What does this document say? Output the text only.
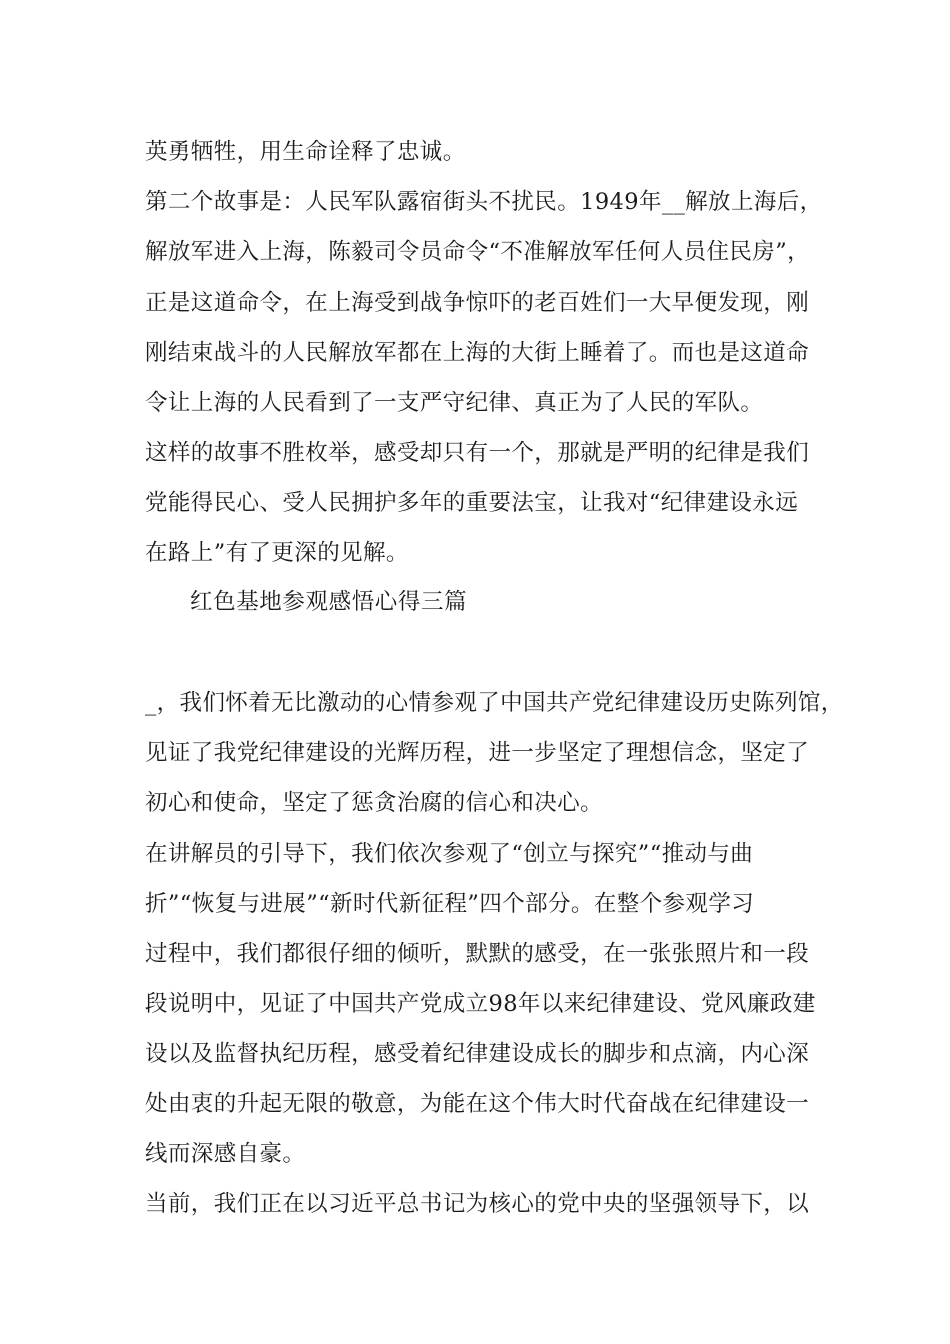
英勇牺牲，用生命诠释了忠诚。
第二个故事是：人民军队露宿街头不扰民。1949年__解放上海后，
解放军进入上海，陈毅司令员命令“不准解放军任何人员住民房”，
正是这道命令，在上海受到战争惊吓的老百姓们一大早便发现，刚
刚结束战斗的人民解放军都在上海的大街上睡着了。而也是这道命
令让上海的人民看到了一支严守纪律、真正为了人民的军队。
这样的故事不胜枚举，感受却只有一个，那就是严明的纪律是我们
党能得民心、受人民拥护多年的重要法宝，让我对“纪律建设永远
在路上”有了更深的见解。
红色基地参观感悟心得三篇
_，我们怀着无比激动的心情参观了中国共产党纪律建设历史陈列馆，
见证了我党纪律建设的光辉历程，进一步坚定了理想信念，坚定了
初心和使命，坚定了惩贪治腐的信心和决心。
在讲解员的引导下，我们依次参观了“创立与探究”“推动与曲
折”“恢复与进展”“新时代新征程”四个部分。在整个参观学习
过程中，我们都很仔细的倾听，默默的感受，在一张张照片和一段
段说明中，见证了中国共产党成立98年以来纪律建设、党风廉政建
设以及监督执纪历程，感受着纪律建设成长的脚步和点滴，内心深
处由衷的升起无限的敬意，为能在这个伟大时代奋战在纪律建设一
线而深感自豪。
当前，我们正在以习近平总书记为核心的党中央的坚强领导下，以
